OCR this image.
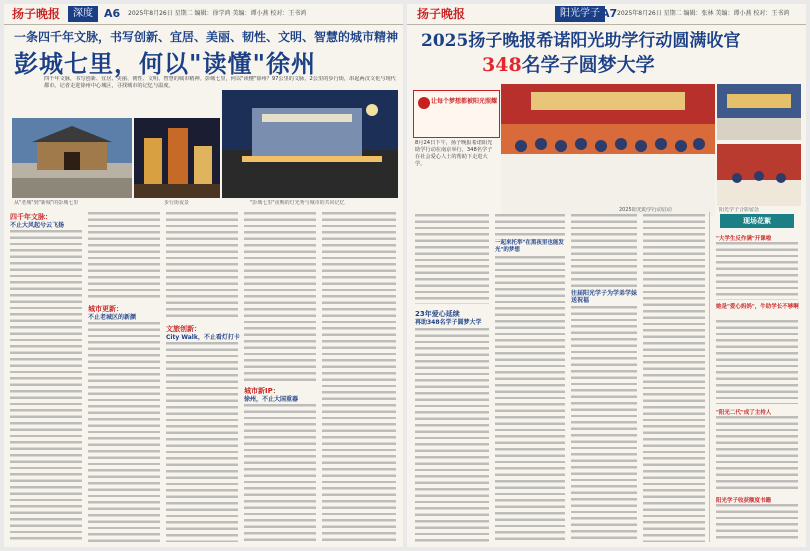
扬子晚报	深度	A6 2025年8月26日 星期二 编辑：徐学鸿 美编：谭小燕 校对：王书鸿
一条四千年文脉，书写创新、宜居、美丽、韧性、文明、智慧的城市精神
彭城七里，何以"读懂"徐州
四千年文脉，书写创新、宜居、美丽、韧性、文明、智慧的城市精神。彭城七里，何以"读懂"徐州？97公里的文脉，2公里的步行街，串起两汉文化与现代都市。记者走进徐州中心城区，寻找城市的记忆与温度。
从"老城"到"新城"的彭城七里	步行街夜景	"彭城七里"夜晚的灯光秀与城市的共同记忆
四千年文脉：
不止大风起兮云飞扬
城市更新：
不止老城区的新颜
文旅创新：
City Walk，不止看灯打卡
城市新IP：
徐州，不止大国重器
2025年8月26日 星期二 编辑：张林 美编：谭小燕 校对：王书鸿
扬子晚报	阳光学子 A7
2025扬子晚报希诺阳光助学行动圆满收官
348名学子圆梦大学
让每个梦想都被阳光照耀
2025阳光助学行动启动	阳光学子合影留念
8月24日下午，扬子晚报希诺阳光助学行动在南京举行，348名学子在社会爱心人士的帮助下走进大学。
23年爱心延续
再助348名学子圆梦大学
一起来托举"在黑夜里也能发光"的梦想
往届阳光学子为学弟学妹送祝福
现场花絮
"大学生反作满"开课啦
她是"爱心妈妈"，牛助学长不够啊
"阳光二代"成了主持人
阳光学子收获额度书籍
